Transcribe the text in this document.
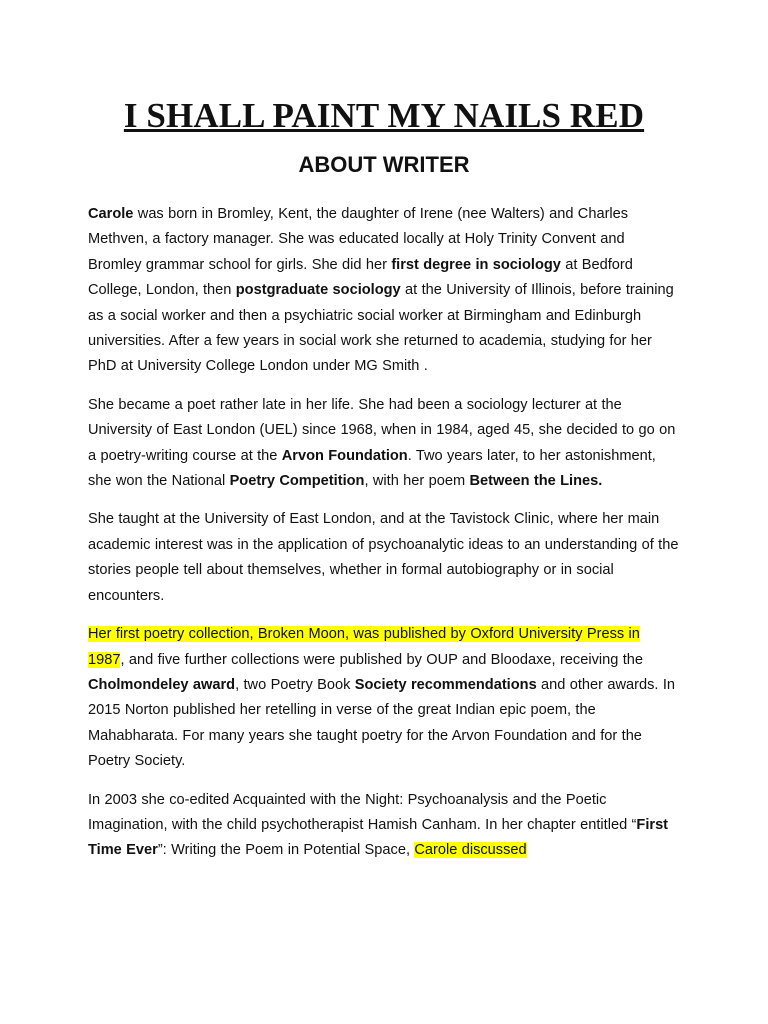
I SHALL PAINT MY NAILS RED
ABOUT WRITER

Carole was born in Bromley, Kent, the daughter of Irene (nee Walters) and Charles Methven, a factory manager. She was educated locally at Holy Trinity Convent and Bromley grammar school for girls. She did her first degree in sociology at Bedford College, London, then postgraduate sociology at the University of Illinois, before training as a social worker and then a psychiatric social worker at Birmingham and Edinburgh universities. After a few years in social work she returned to academia, studying for her PhD at University College London under MG Smith .

She became a poet rather late in her life. She had been a sociology lecturer at the University of East London (UEL) since 1968, when in 1984, aged 45, she decided to go on a poetry-writing course at the Arvon Foundation. Two years later, to her astonishment, she won the National Poetry Competition, with her poem Between the Lines.

She taught at the University of East London, and at the Tavistock Clinic, where her main academic interest was in the application of psychoanalytic ideas to an understanding of the stories people tell about themselves, whether in formal autobiography or in social encounters.

Her first poetry collection, Broken Moon, was published by Oxford University Press in 1987, and five further collections were published by OUP and Bloodaxe, receiving the Cholmondeley award, two Poetry Book Society recommendations and other awards. In 2015 Norton published her retelling in verse of the great Indian epic poem, the Mahabharata. For many years she taught poetry for the Arvon Foundation and for the Poetry Society.

In 2003 she co-edited Acquainted with the Night: Psychoanalysis and the Poetic Imagination, with the child psychotherapist Hamish Canham. In her chapter entitled “First Time Ever”: Writing the Poem in Potential Space, Carole discussed
